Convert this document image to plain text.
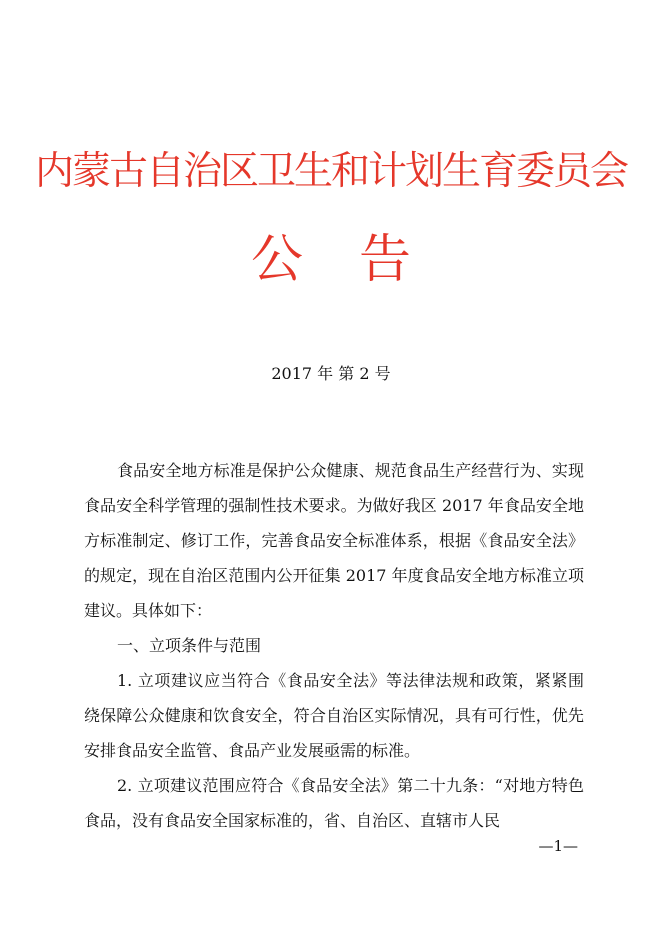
内蒙古自治区卫生和计划生育委员会
公告
2017 年 第 2 号

食品安全地方标准是保护公众健康、规范食品生产经营行为、实现食品安全科学管理的强制性技术要求。为做好我区 2017 年食品安全地方标准制定、修订工作，完善食品安全标准体系，根据《食品安全法》的规定，现在自治区范围内公开征集 2017 年度食品安全地方标准立项建议。具体如下：

一、立项条件与范围

1. 立项建议应当符合《食品安全法》等法律法规和政策，紧紧围绕保障公众健康和饮食安全，符合自治区实际情况，具有可行性，优先安排食品安全监管、食品产业发展亟需的标准。

2. 立项建议范围应符合《食品安全法》第二十九条：“对地方特色食品，没有食品安全国家标准的，省、自治区、直辖市人民

—1—
